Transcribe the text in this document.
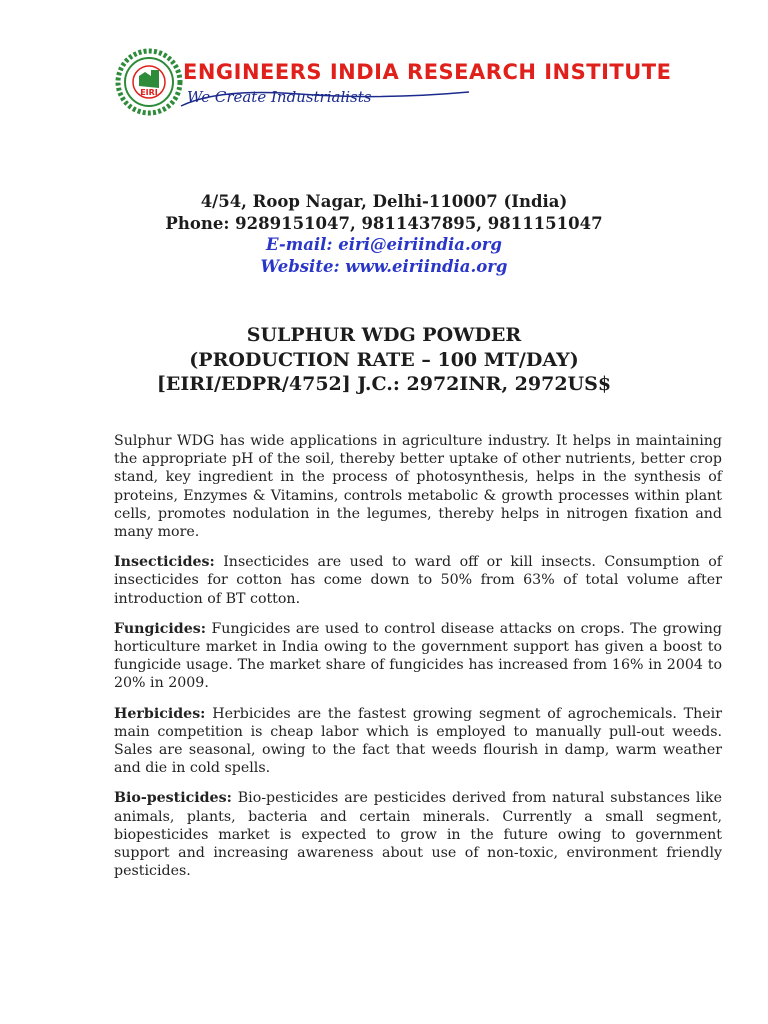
EIRI
ENGINEERS INDIA RESEARCH INSTITUTE
We Create Industrialists
4/54, Roop Nagar, Delhi-110007 (India)
Phone: 9289151047, 9811437895, 9811151047
E-mail: eiri@eiriindia.org
Website: www.eiriindia.org
SULPHUR WDG POWDER
(PRODUCTION RATE – 100 MT/DAY)
[EIRI/EDPR/4752] J.C.: 2972INR, 2972US$

Sulphur WDG has wide applications in agriculture industry. It helps in maintaining the appropriate pH of the soil, thereby better uptake of other nutrients, better crop stand, key ingredient in the process of photosynthesis, helps in the synthesis of proteins, Enzymes & Vitamins, controls metabolic & growth processes within plant cells, promotes nodulation in the legumes, thereby helps in nitrogen fixation and many more.

Insecticides: Insecticides are used to ward off or kill insects. Consumption of insecticides for cotton has come down to 50% from 63% of total volume after introduction of BT cotton.

Fungicides: Fungicides are used to control disease attacks on crops. The growing horticulture market in India owing to the government support has given a boost to fungicide usage. The market share of fungicides has increased from 16% in 2004 to 20% in 2009.

Herbicides: Herbicides are the fastest growing segment of agrochemicals. Their main competition is cheap labor which is employed to manually pull-out weeds. Sales are seasonal, owing to the fact that weeds flourish in damp, warm weather and die in cold spells.

Bio-pesticides: Bio-pesticides are pesticides derived from natural substances like animals, plants, bacteria and certain minerals. Currently a small segment, biopesticides market is expected to grow in the future owing to government support and increasing awareness about use of non-toxic, environment friendly pesticides.
